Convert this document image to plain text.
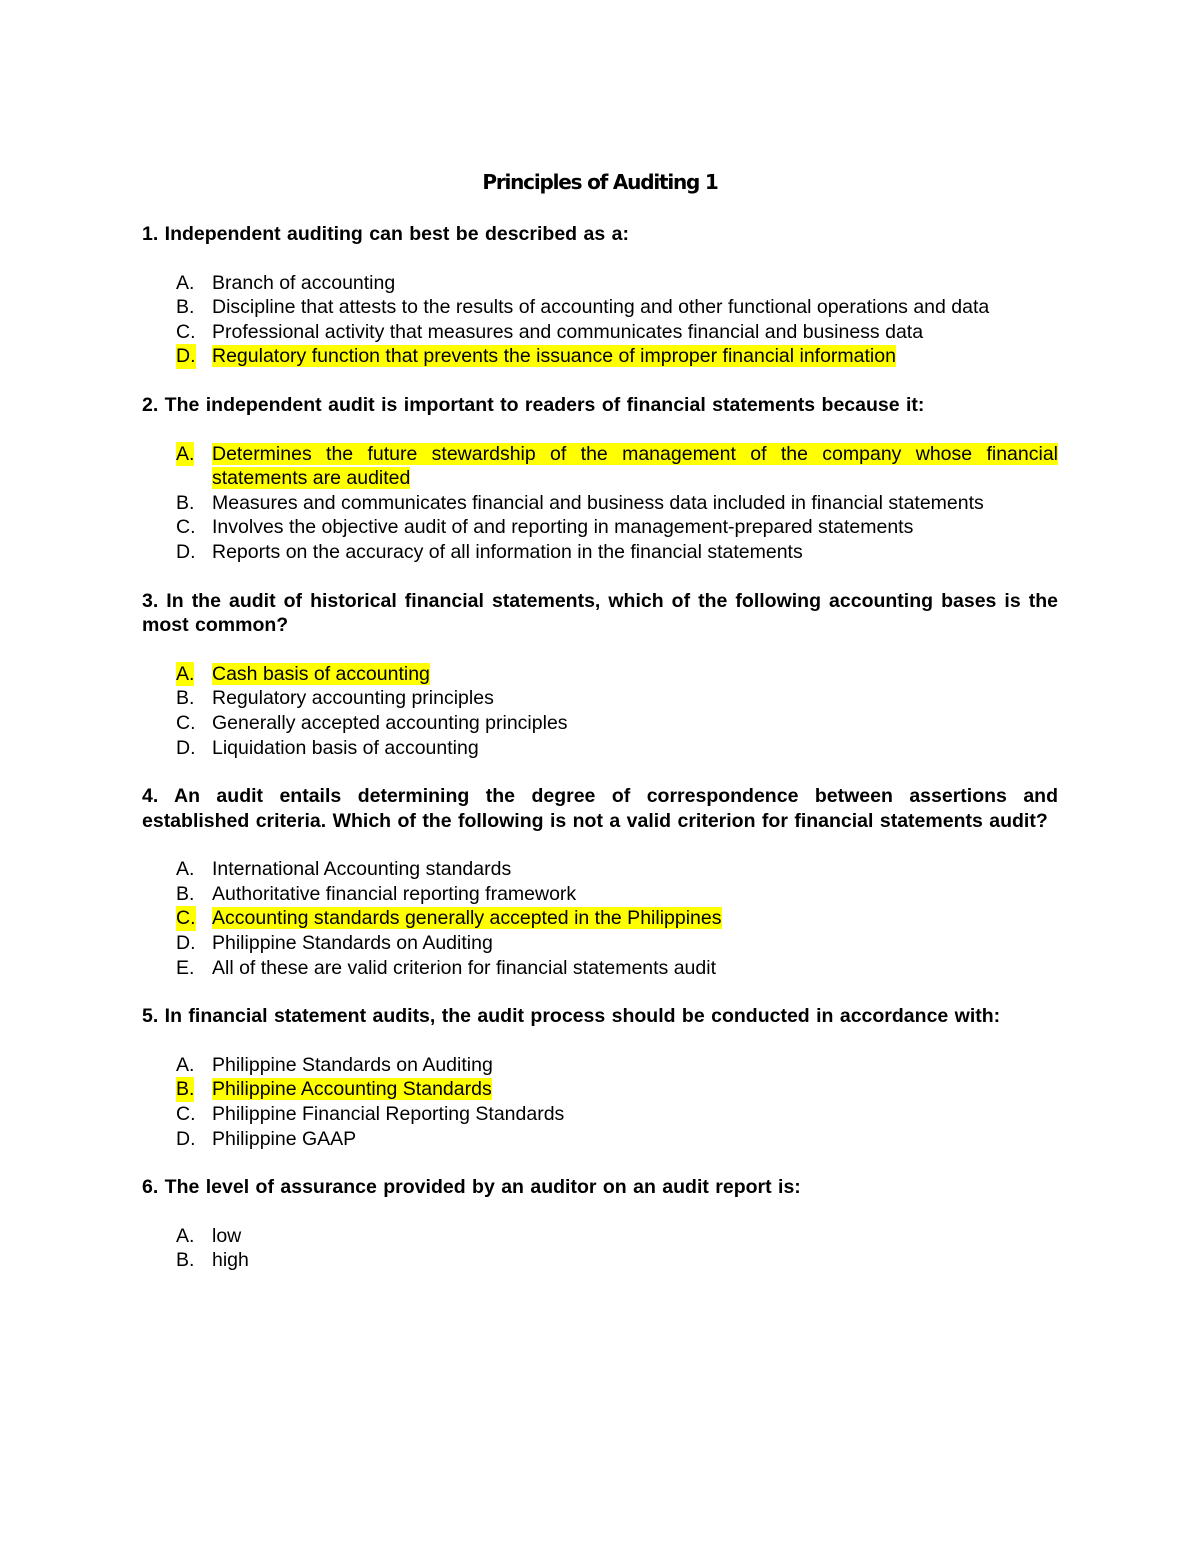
Principles of Auditing 1
1. Independent auditing can best be described as a:
A. Branch of accounting
B. Discipline that attests to the results of accounting and other functional operations and data
C. Professional activity that measures and communicates financial and business data
D. Regulatory function that prevents the issuance of improper financial information
2. The independent audit is important to readers of financial statements because it:
A. Determines the future stewardship of the management of the company whose financial statements are audited
B. Measures and communicates financial and business data included in financial statements
C. Involves the objective audit of and reporting in management-prepared statements
D. Reports on the accuracy of all information in the financial statements
3. In the audit of historical financial statements, which of the following accounting bases is the most common?
A. Cash basis of accounting
B. Regulatory accounting principles
C. Generally accepted accounting principles
D. Liquidation basis of accounting
4. An audit entails determining the degree of correspondence between assertions and established criteria. Which of the following is not a valid criterion for financial statements audit?
A. International Accounting standards
B. Authoritative financial reporting framework
C. Accounting standards generally accepted in the Philippines
D. Philippine Standards on Auditing
E. All of these are valid criterion for financial statements audit
5. In financial statement audits, the audit process should be conducted in accordance with:
A. Philippine Standards on Auditing
B. Philippine Accounting Standards
C. Philippine Financial Reporting Standards
D. Philippine GAAP
6. The level of assurance provided by an auditor on an audit report is:
A. low
B. high
